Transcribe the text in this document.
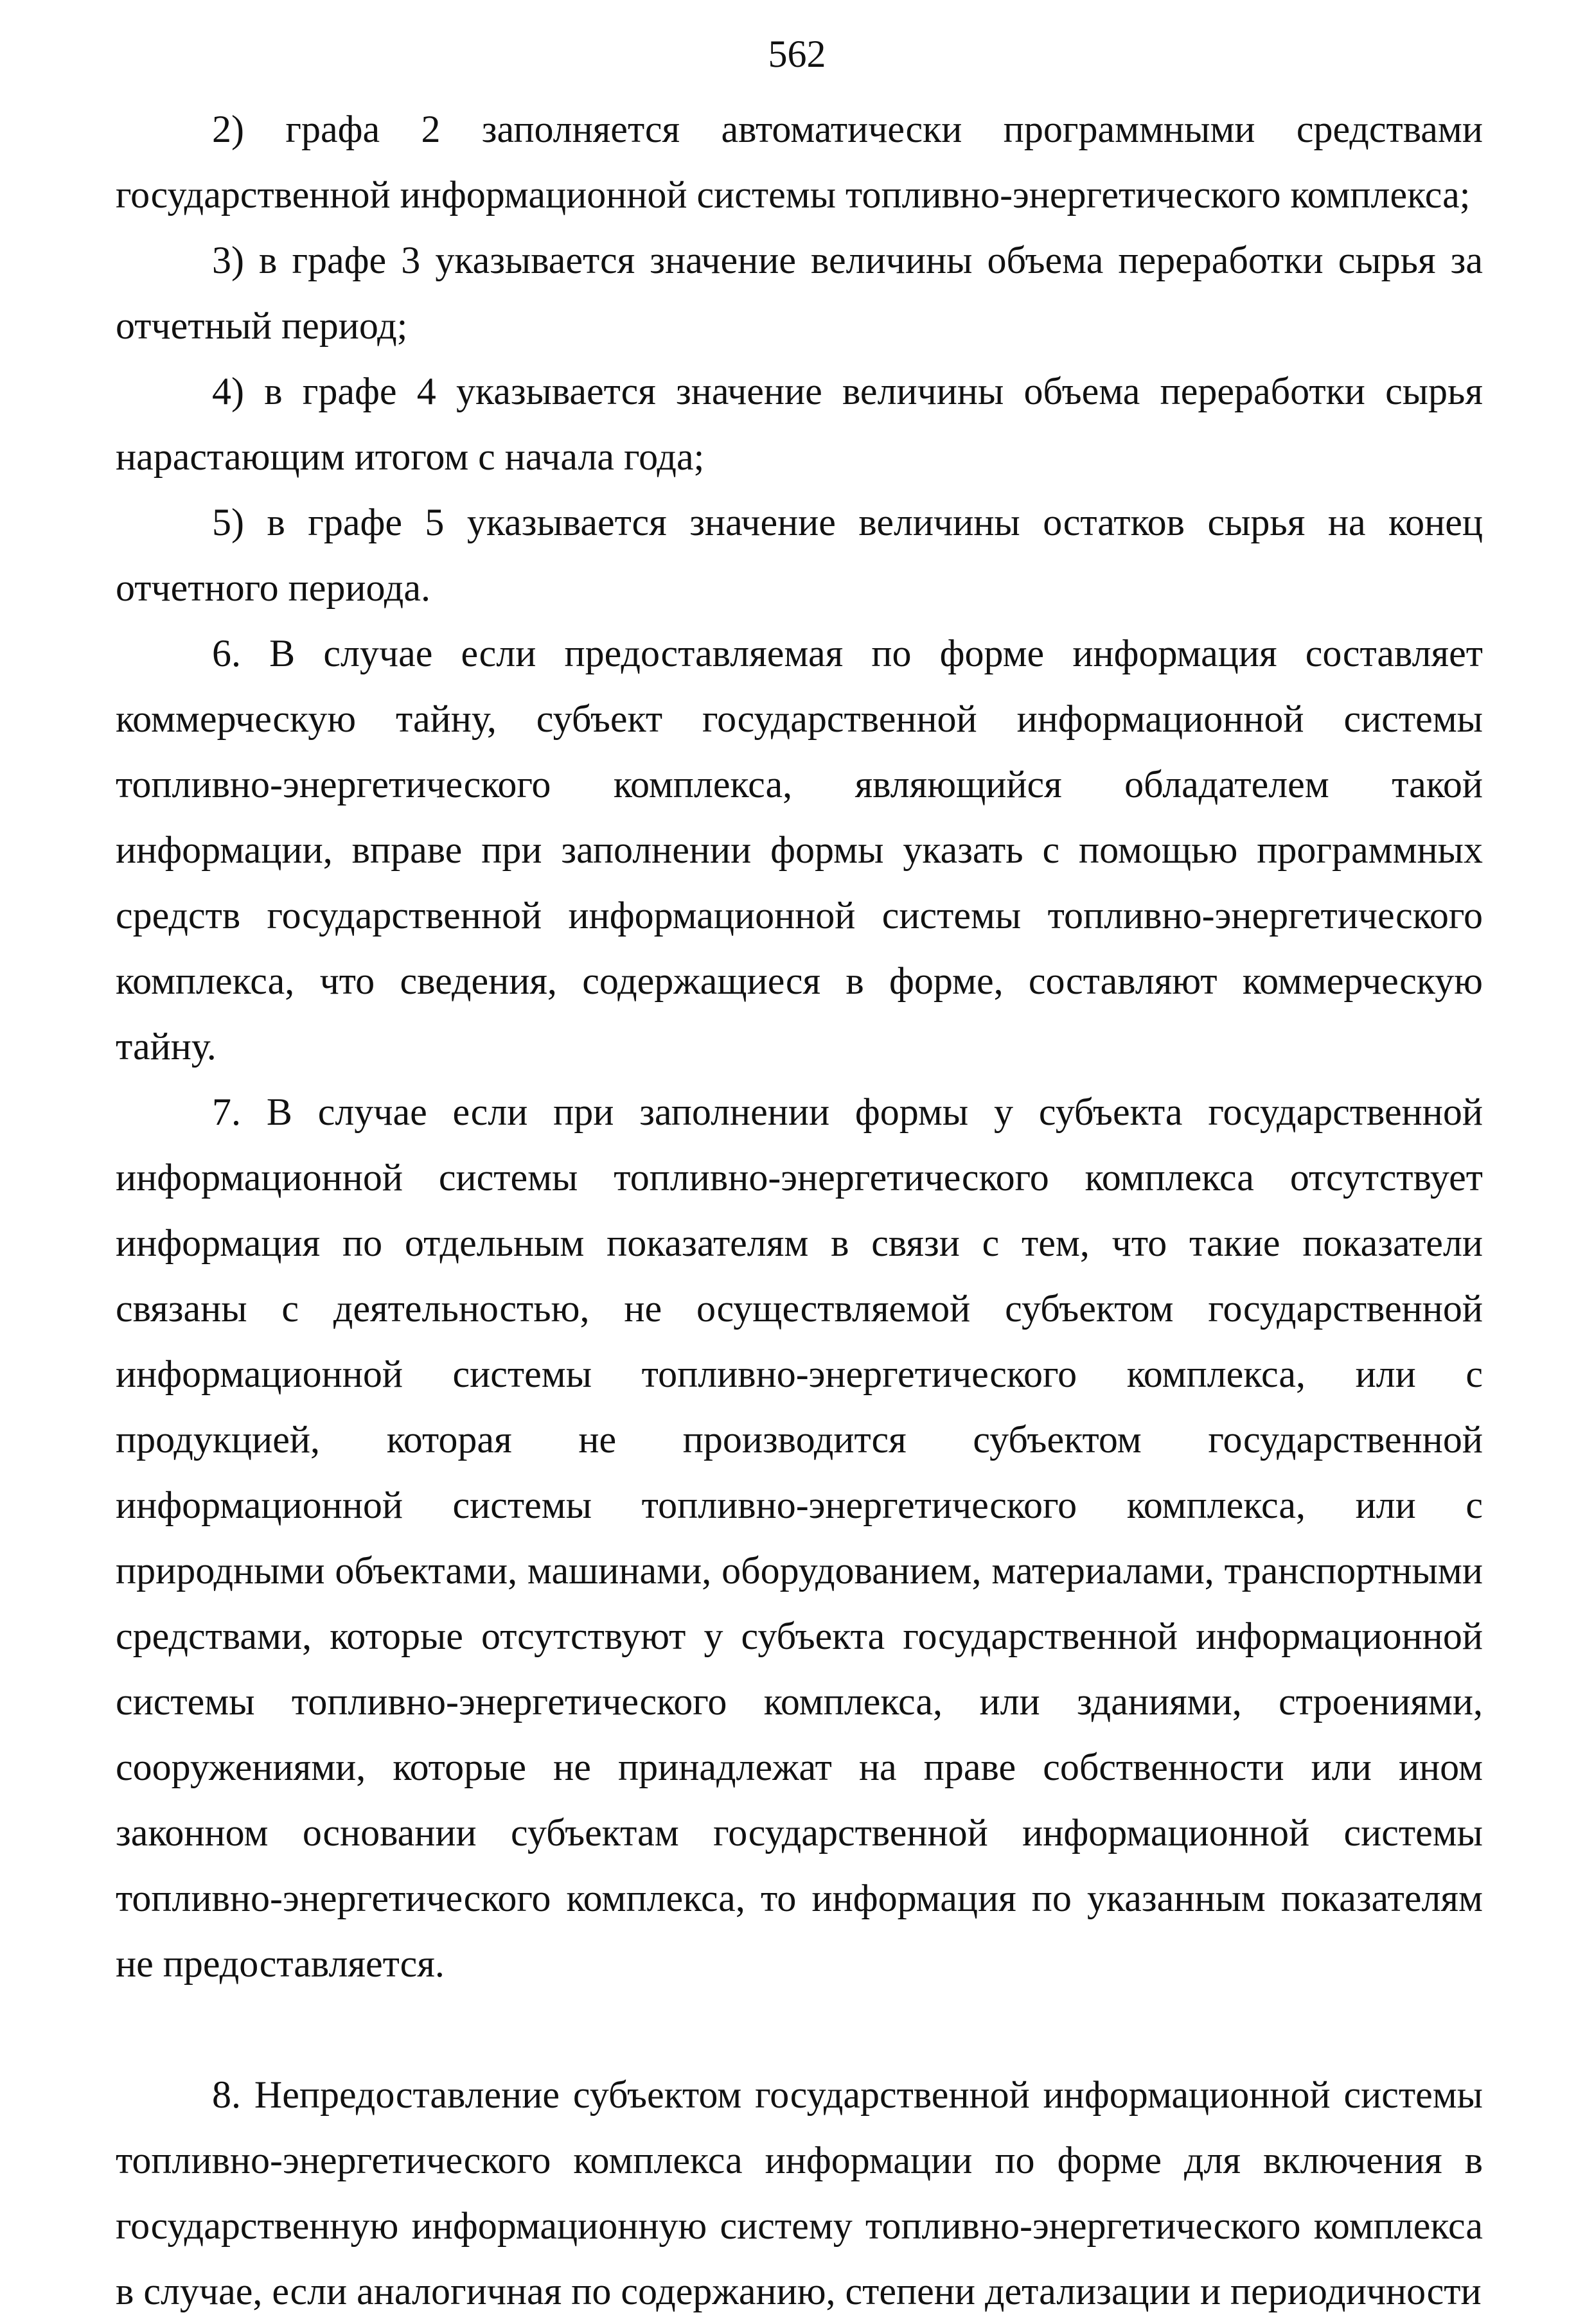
562

2) графа 2 заполняется автоматически программными средствами государственной информационной системы топливно-энергетического комплекса;

3) в графе 3 указывается значение величины объема переработки сырья за отчетный период;

4) в графе 4 указывается значение величины объема переработки сырья нарастающим итогом с начала года;

5) в графе 5 указывается значение величины остатков сырья на конец отчетного периода.

6. В случае если предоставляемая по форме информация составляет коммерческую тайну, субъект государственной информационной системы топливно-энергетического комплекса, являющийся обладателем такой информации, вправе при заполнении формы указать с помощью программных средств государственной информационной системы топливно-энергетического комплекса, что сведения, содержащиеся в форме, составляют коммерческую тайну.

7. В случае если при заполнении формы у субъекта государственной информационной системы топливно-энергетического комплекса отсутствует информация по отдельным показателям в связи с тем, что такие показатели связаны с деятельностью, не осуществляемой субъектом государственной информационной системы топливно-энергетического комплекса, или с продукцией, которая не производится субъектом государственной информационной системы топливно-энергетического комплекса, или с природными объектами, машинами, оборудованием, материалами, транспортными средствами, которые отсутствуют у субъекта государственной информационной системы топливно-энергетического комплекса, или зданиями, строениями, сооружениями, которые не принадлежат на праве собственности или ином законном основании субъектам государственной информационной системы топливно-энергетического комплекса, то информация по указанным показателям не предоставляется.

8. Непредоставление субъектом государственной информационной системы топливно-энергетического комплекса информации по форме для включения в государственную информационную систему топливно-энергетического комплекса в случае, если аналогичная по содержанию, степени детализации и периодичности
